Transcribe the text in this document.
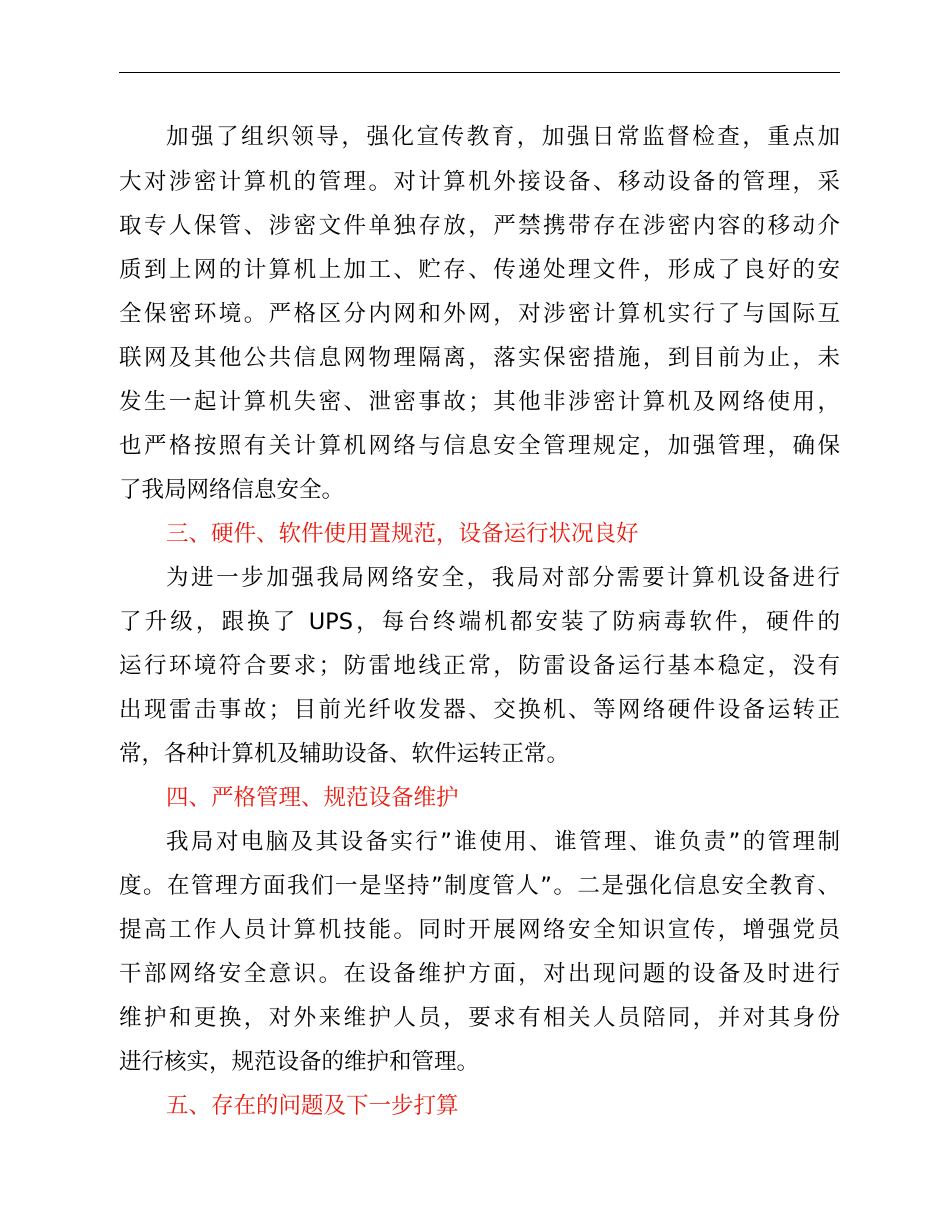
加强了组织领导，强化宣传教育，加强日常监督检查，重点加
大对涉密计算机的管理。对计算机外接设备、移动设备的管理，采
取专人保管、涉密文件单独存放，严禁携带存在涉密内容的移动介
质到上网的计算机上加工、贮存、传递处理文件，形成了良好的安
全保密环境。严格区分内网和外网，对涉密计算机实行了与国际互
联网及其他公共信息网物理隔离，落实保密措施，到目前为止，未
发生一起计算机失密、泄密事故；其他非涉密计算机及网络使用，
也严格按照有关计算机网络与信息安全管理规定，加强管理，确保
了我局网络信息安全。
三、硬件、软件使用置规范，设备运行状况良好
为进一步加强我局网络安全，我局对部分需要计算机设备进行
了升级，跟换了 UPS，每台终端机都安装了防病毒软件，硬件的
运行环境符合要求；防雷地线正常，防雷设备运行基本稳定，没有
出现雷击事故；目前光纤收发器、交换机、等网络硬件设备运转正
常，各种计算机及辅助设备、软件运转正常。
四、严格管理、规范设备维护
我局对电脑及其设备实行”谁使用、谁管理、谁负责”的管理制
度。在管理方面我们一是坚持”制度管人”。二是强化信息安全教育、
提高工作人员计算机技能。同时开展网络安全知识宣传，增强党员
干部网络安全意识。在设备维护方面，对出现问题的设备及时进行
维护和更换，对外来维护人员，要求有相关人员陪同，并对其身份
进行核实，规范设备的维护和管理。
五、存在的问题及下一步打算
